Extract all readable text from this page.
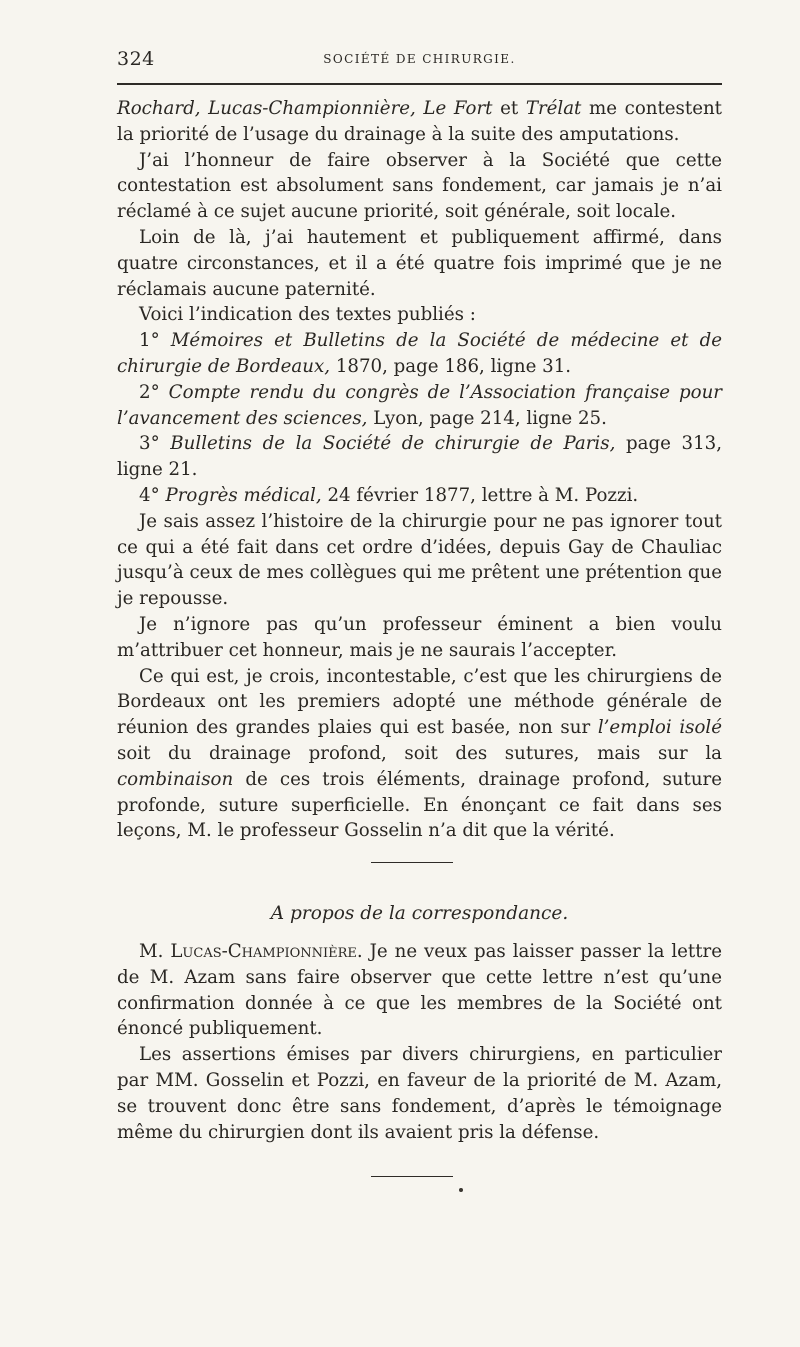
324	SOCIÉTÉ DE CHIRURGIE.

Rochard, Lucas-Championnière, Le Fort et Trélat me contestent la priorité de l’usage du drainage à la suite des amputations.

J’ai l’honneur de faire observer à la Société que cette contestation est absolument sans fondement, car jamais je n’ai réclamé à ce sujet aucune priorité, soit générale, soit locale.

Loin de là, j’ai hautement et publiquement affirmé, dans quatre circonstances, et il a été quatre fois imprimé que je ne réclamais aucune paternité.

Voici l’indication des textes publiés :

1° Mémoires et Bulletins de la Société de médecine et de chirurgie de Bordeaux, 1870, page 186, ligne 31.

2° Compte rendu du congrès de l’Association française pour l’avancement des sciences, Lyon, page 214, ligne 25.

3° Bulletins de la Société de chirurgie de Paris, page 313, ligne 21.

4° Progrès médical, 24 février 1877, lettre à M. Pozzi.

Je sais assez l’histoire de la chirurgie pour ne pas ignorer tout ce qui a été fait dans cet ordre d’idées, depuis Gay de Chauliac jusqu’à ceux de mes collègues qui me prêtent une prétention que je repousse.

Je n’ignore pas qu’un professeur éminent a bien voulu m’attribuer cet honneur, mais je ne saurais l’accepter.

Ce qui est, je crois, incontestable, c’est que les chirurgiens de Bordeaux ont les premiers adopté une méthode générale de réunion des grandes plaies qui est basée, non sur l’emploi isolé soit du drainage profond, soit des sutures, mais sur la combinaison de ces trois éléments, drainage profond, suture profonde, suture superficielle. En énonçant ce fait dans ses leçons, M. le professeur Gosselin n’a dit que la vérité.

A propos de la correspondance.

M. Lucas-Championnière. Je ne veux pas laisser passer la lettre de M. Azam sans faire observer que cette lettre n’est qu’une confirmation donnée à ce que les membres de la Société ont énoncé publiquement.

Les assertions émises par divers chirurgiens, en particulier par MM. Gosselin et Pozzi, en faveur de la priorité de M. Azam, se trouvent donc être sans fondement, d’après le témoignage même du chirurgien dont ils avaient pris la défense.
